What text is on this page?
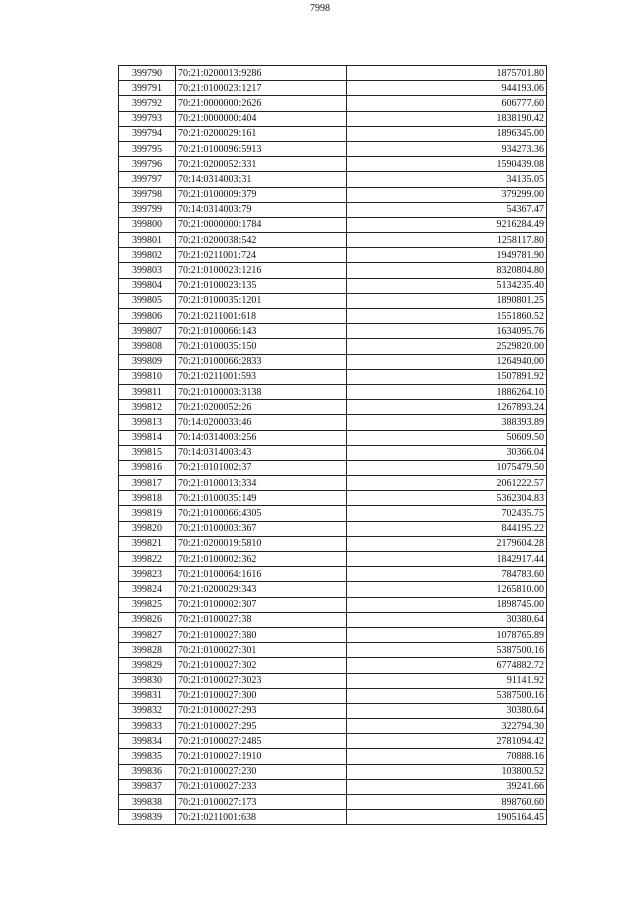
7998
399790	70:21:0200013:9286	1875701.80
399791	70:21:0100023:1217	944193.06
399792	70:21:0000000:2626	606777.60
399793	70:21:0000000:404	1838190.42
399794	70:21:0200029:161	1896345.00
399795	70:21:0100096:5913	934273.36
399796	70:21:0200052:331	1590439.08
399797	70:14:0314003:31	34135.05
399798	70:21:0100009:379	379299.00
399799	70:14:0314003:79	54367.47
399800	70:21:0000000:1784	9216284.49
399801	70:21:0200038:542	1258117.80
399802	70:21:0211001:724	1949781.90
399803	70:21:0100023:1216	8320804.80
399804	70:21:0100023:135	5134235.40
399805	70:21:0100035:1201	1890801.25
399806	70:21:0211001:618	1551860.52
399807	70:21:0100066:143	1634095.76
399808	70:21:0100035:150	2529820.00
399809	70:21:0100066:2833	1264940.00
399810	70:21:0211001:593	1507891.92
399811	70:21:0100003:3138	1886264.10
399812	70:21:0200052:26	1267893.24
399813	70:14:0200033:46	388393.89
399814	70:14:0314003:256	50609.50
399815	70:14:0314003:43	30366.04
399816	70:21:0101002:37	1075479.50
399817	70:21:0100013:334	2061222.57
399818	70:21:0100035:149	5362304.83
399819	70:21:0100066:4305	702435.75
399820	70:21:0100003:367	844195.22
399821	70:21:0200019:5810	2179604.28
399822	70:21:0100002:362	1842917.44
399823	70:21:0100064:1616	784783.60
399824	70:21:0200029:343	1265810.00
399825	70:21:0100002:307	1898745.00
399826	70:21:0100027:38	30380.64
399827	70:21:0100027:380	1078765.89
399828	70:21:0100027:301	5387500.16
399829	70:21:0100027:302	6774882.72
399830	70:21:0100027:3023	91141.92
399831	70:21:0100027:300	5387500.16
399832	70:21:0100027:293	30380.64
399833	70:21:0100027:295	322794.30
399834	70:21:0100027:2485	2781094.42
399835	70:21:0100027:1910	70888.16
399836	70:21:0100027:230	103800.52
399837	70:21:0100027:233	39241.66
399838	70:21:0100027:173	898760.60
399839	70:21:0211001:638	1905164.45
